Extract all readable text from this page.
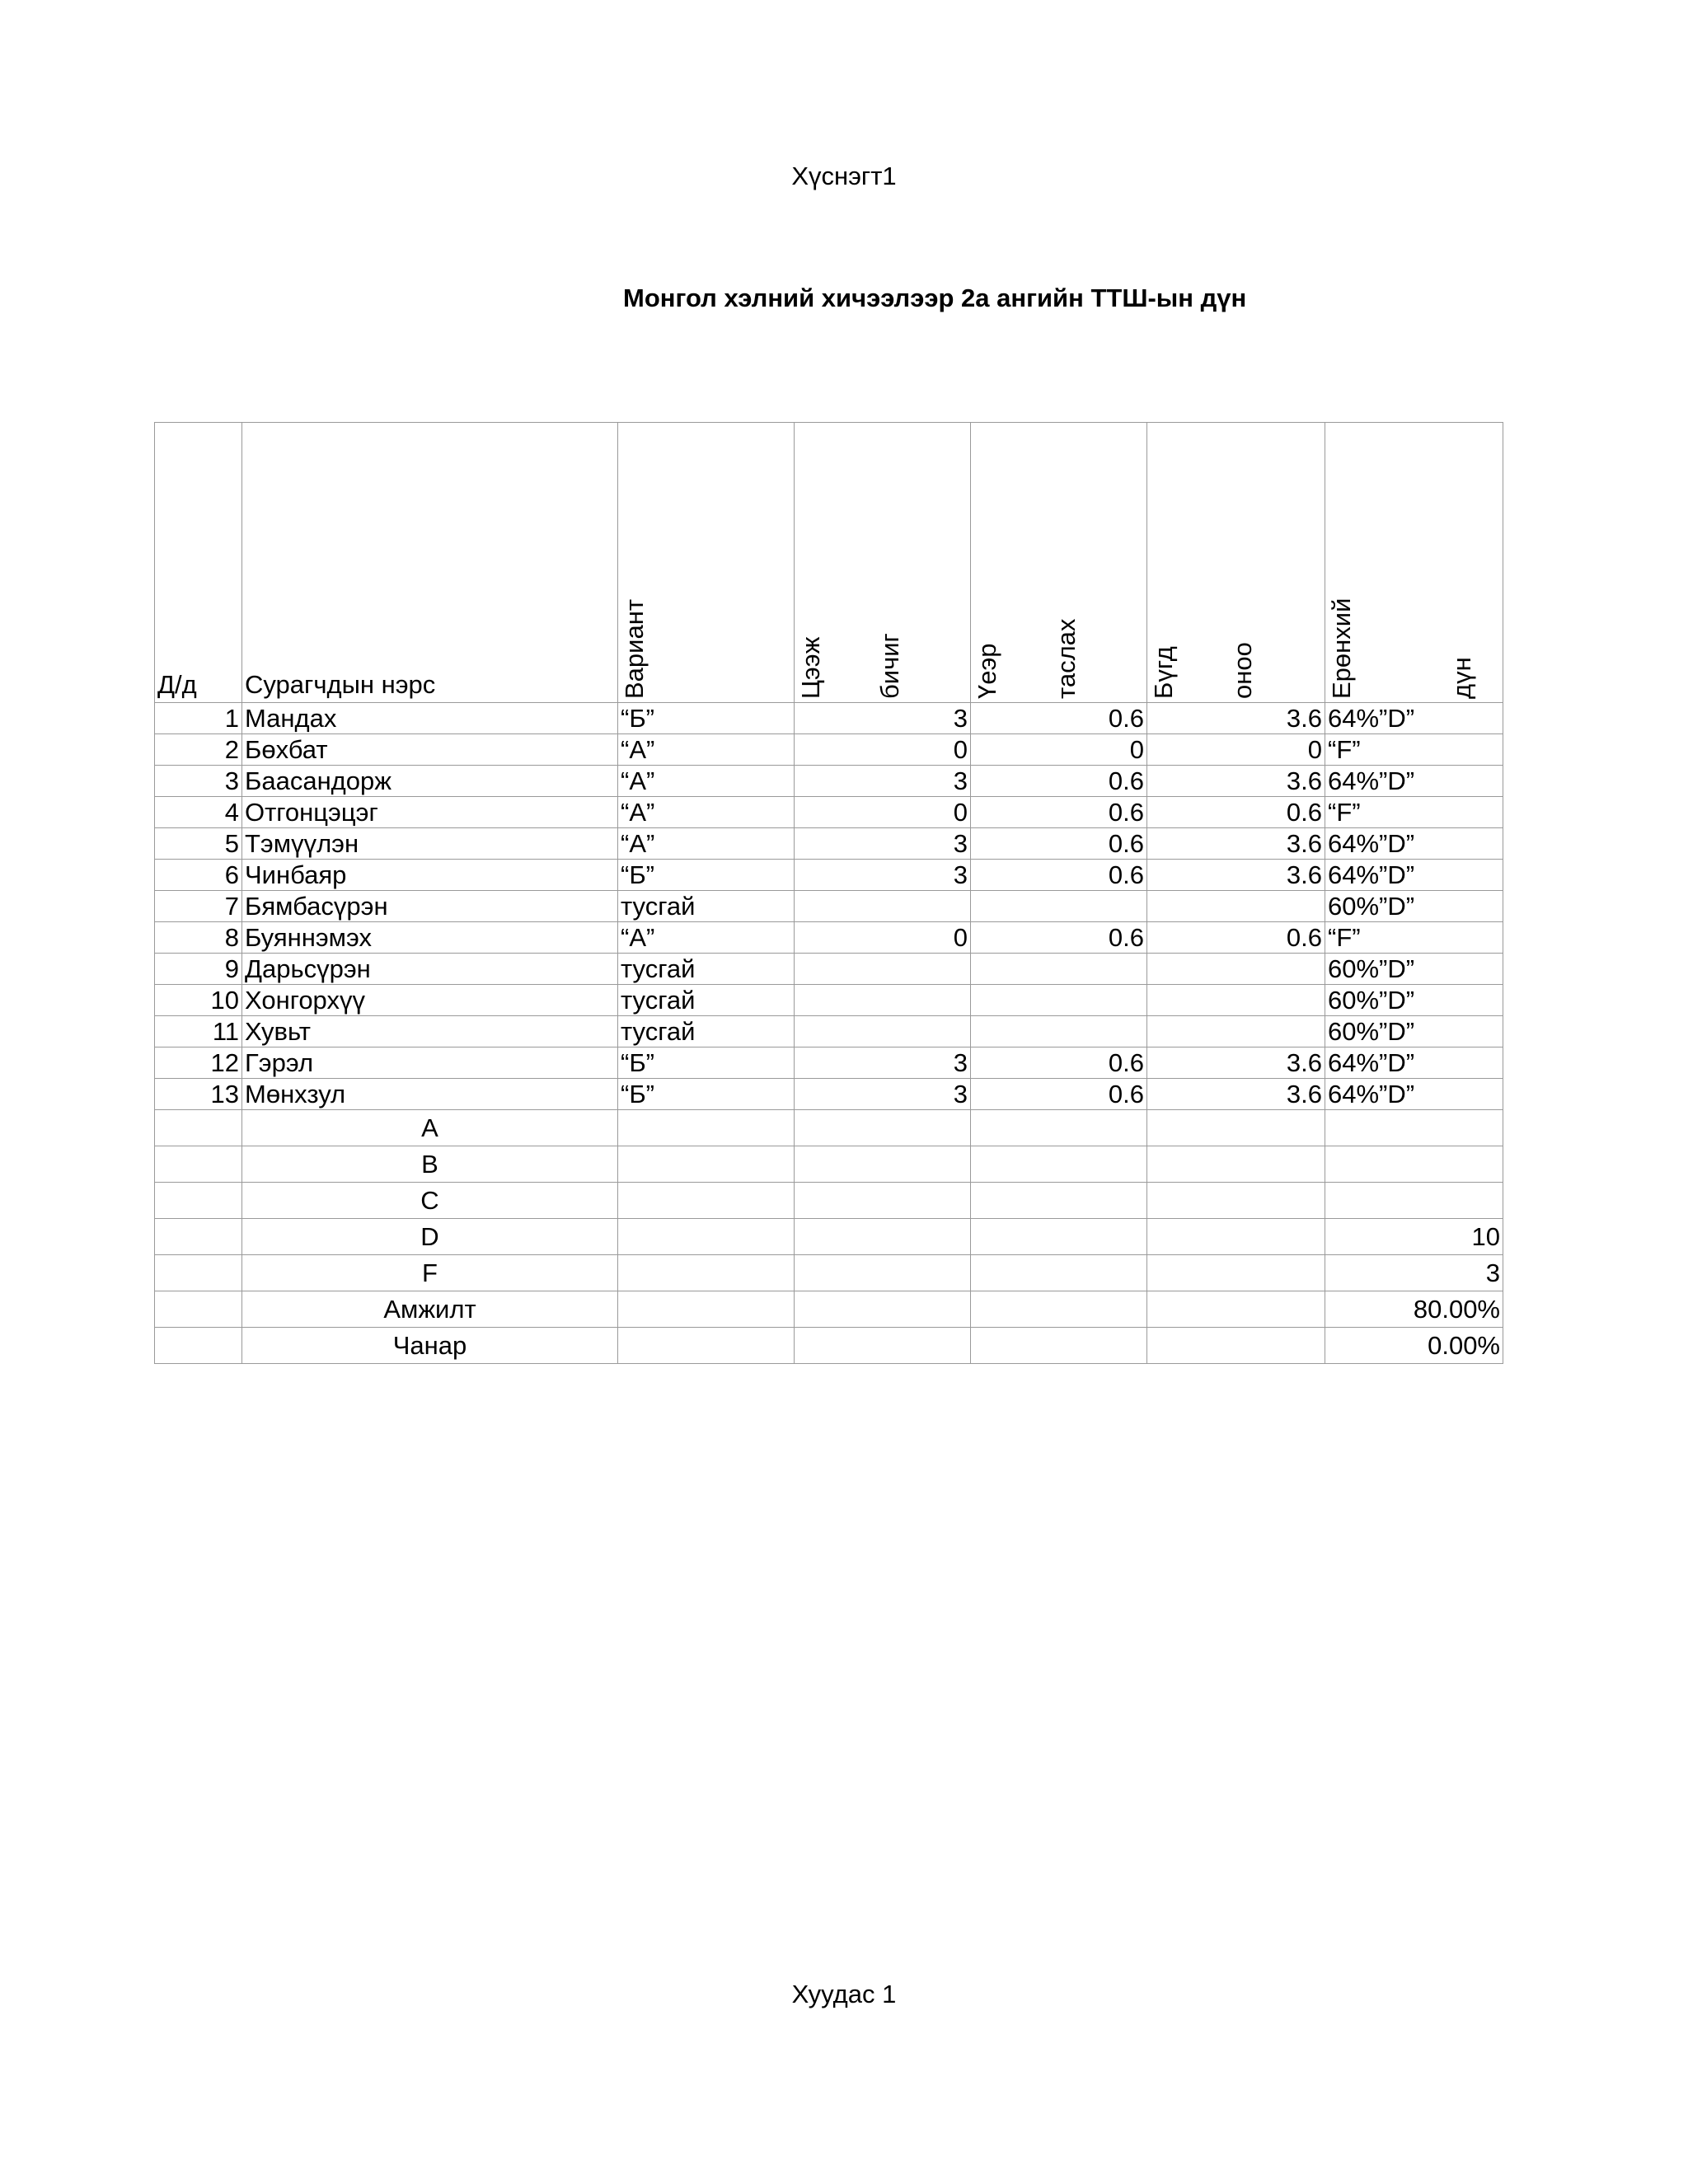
Хүснэгт1
Монгол хэлний хичээлээр 2а ангийн ТТШ-ын дүн
Д/д	Сурагчдын нэрс	Вариант	Цээж бичиг	Үеэр таслах	Бүгд оноо	Ерөнхий дүн

1	Мандах	“Б”	3	0.6	3.6	64%”D”
2	Бөхбат	“А”	0	0	0	“F”
3	Баасандорж	“А”	3	0.6	3.6	64%”D”
4	Отгонцэцэг	“А”	0	0.6	0.6	“F”
5	Тэмүүлэн	“А”	3	0.6	3.6	64%”D”
6	Чинбаяр	“Б”	3	0.6	3.6	64%”D”
7	Бямбасүрэн	тусгай				60%”D”
8	Буяннэмэх	“А”	0	0.6	0.6	“F”
9	Дарьсүрэн	тусгай				60%”D”
10	Хонгорхүү	тусгай				60%”D”
11	Хувьт	тусгай				60%”D”
12	Гэрэл	“Б”	3	0.6	3.6	64%”D”
13	Мөнхзул	“Б”	3	0.6	3.6	64%”D”
	A					
	B					
	C					
	D					10
	F					3
	Амжилт					80.00%
	Чанар					0.00%
Хуудас 1
